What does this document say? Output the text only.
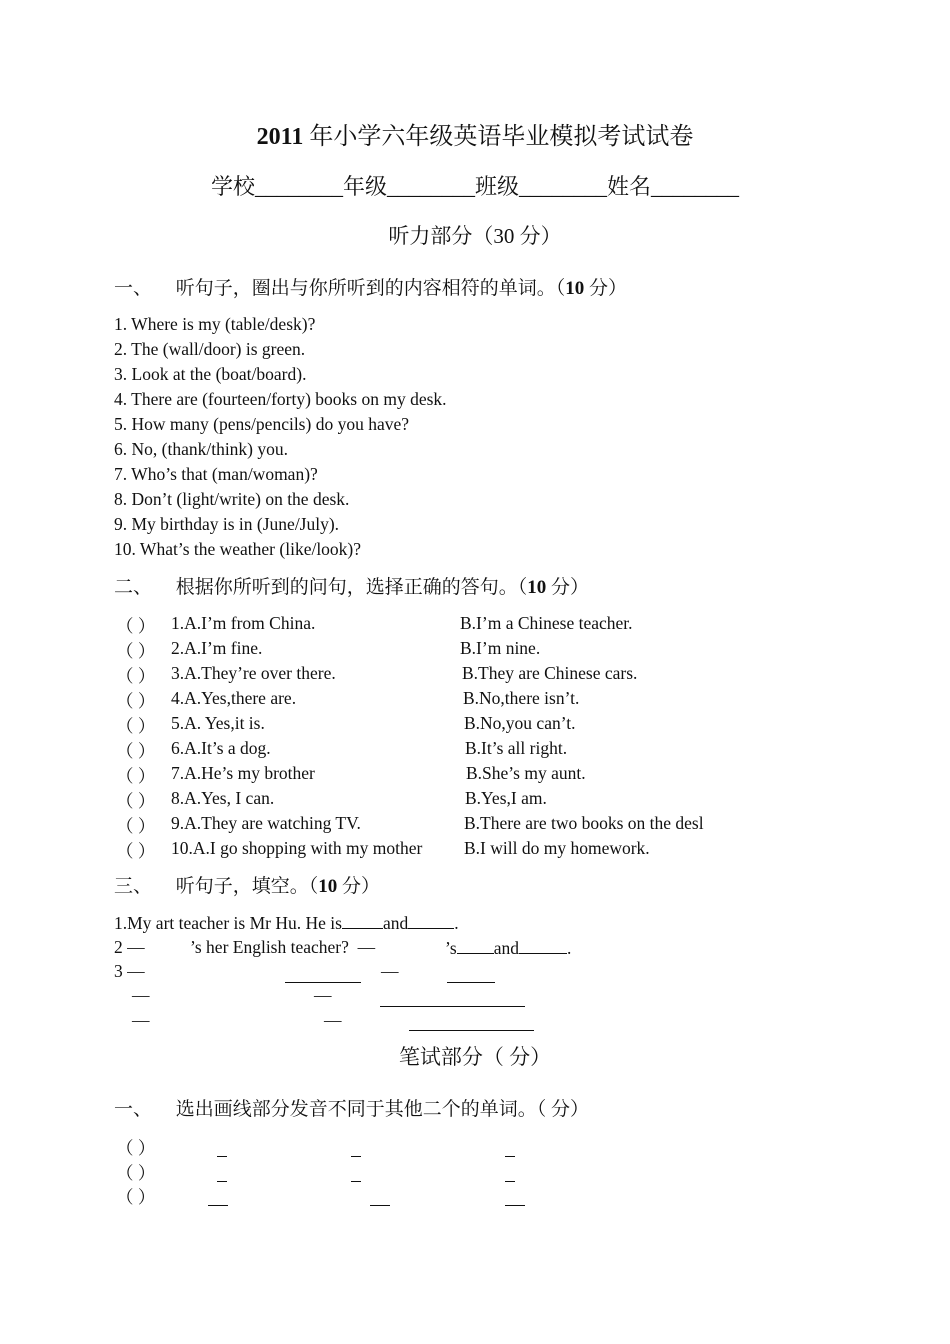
2011 年小学六年级英语毕业模拟考试试卷
学校________年级________班级________姓名________
听力部分（30 分）
一、 听句子，圈出与你所听到的内容相符的单词。（10 分）
1. Where is my (table/desk)?
2. The (wall/door) is green.
3. Look at the (boat/board).
4. There are (fourteen/forty) books on my desk.
5. How many (pens/pencils) do you have?
6. No, (thank/think) you.
7. Who’s that (man/woman)?
8. Don’t (light/write) on the desk.
9. My birthday is in (June/July).
10. What’s the weather (like/look)?
二、 根据你所听到的问句，选择正确的答句。（10 分）
（ ） 1.A.I’m from China.	B.I’m a Chinese teacher.
（ ） 2.A.I’m fine.	B.I’m nine.
（ ） 3.A.They’re over there.	B.They are Chinese cars.
（ ） 4.A.Yes,there are.	B.No,there isn’t.
（ ） 5.A. Yes,it is.	B.No,you can’t.
（ ） 6.A.It’s a dog.	B.It’s all right.
（ ） 7.A.He’s my brother	B.She’s my aunt.
（ ） 8.A.Yes, I can.	B.Yes,I am.
（ ） 9.A.They are watching TV.	B.There are two books on the desl
（ ） 10.A.I go shopping with my mother B.I will do my homework.
三、 听句子，填空。（10 分）
1.My art teacher is Mr Hu. He is and	.
2 —	’s her English teacher? —	’s and	.
3 —	—
—	—
—	—
笔试部分（ 分）
一、 选出画线部分发音不同于其他二个的单词。（ 分）
（ ）
（ ）
（ ）
